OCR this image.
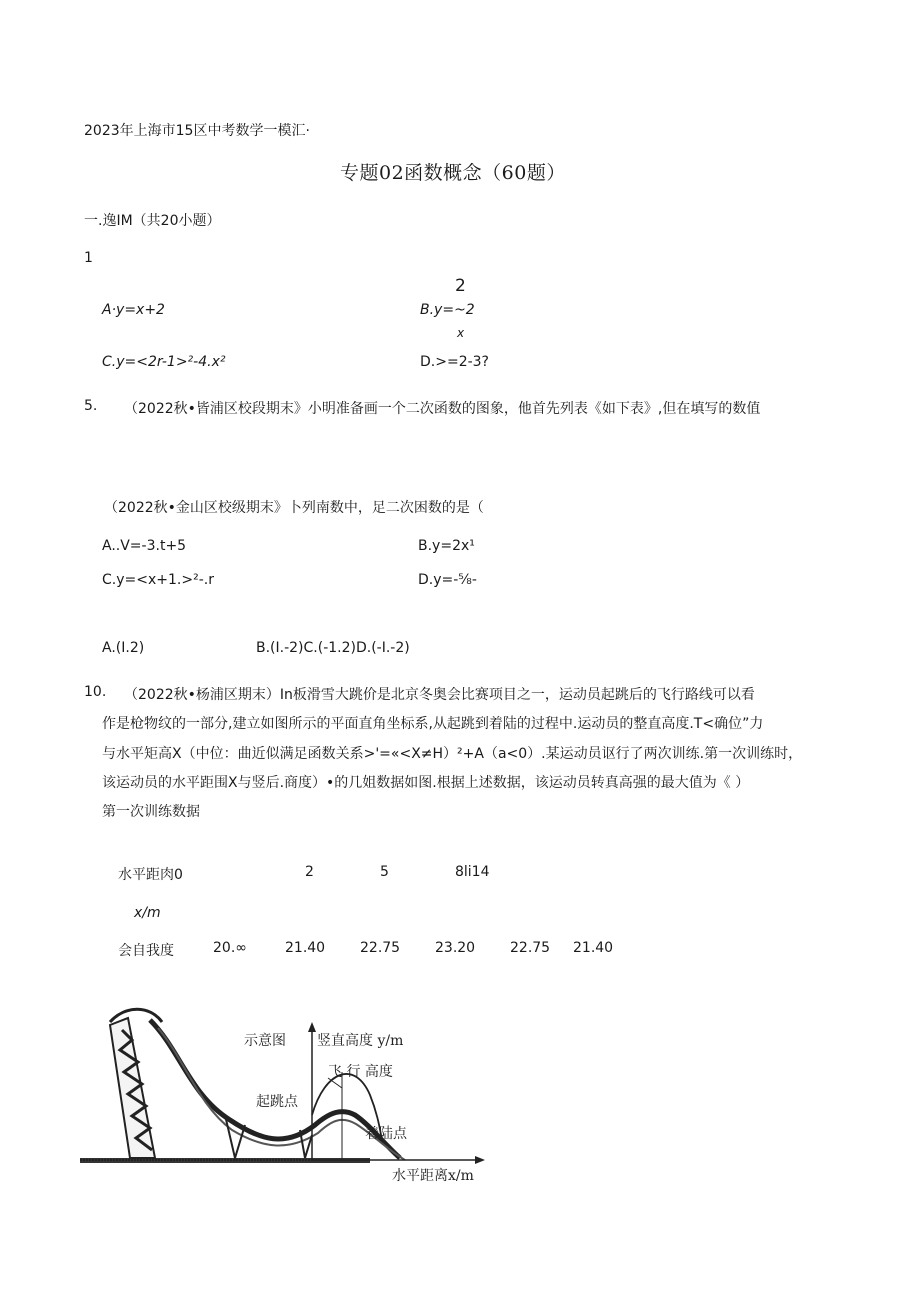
2023年上海市15区中考数学一模汇·
专题02函数概念（60题）
一.逸IM（共20小题）
1
2
A·y=x+2	B.y=~2
x
C.y=<2r-1>²-4.x²	D.>=2-3?
5. （2022秋•皆浦区校段期末》小明准备画一个二次函数的图象，他首先列表《如下表》,但在填写的数值
（2022秋•金山区校级期末》卜列南数中，足二次困数的是（
A..V=-3.t+5	B.y=2x¹
C.y=<x+1.>²-.r	D.y=-⅝-
A.(I.2)	B.(I.-2)C.(-1.2)D.(-I.-2)
10. （2022秋•杨浦区期末）In板滑雪大跳价是北京冬奥会比赛项目之一，运动员起跳后的飞行路线可以看
作是枪物纹的一部分,建立如图所示的平面直角坐标系,从起跳到着陆的过程中.运动员的整直高度.T<确位”力
与水平矩高X（中位：曲近似满足函数关系>'=«<X≠H）²+A（a<0）.某运动员讴行了两次训练.第一次训练时，
该运动员的水平距围X与竖后.商度）•的几姐数据如图.根据上述数据，该运动员转真高强的最大值为《 ）
第一次训练数据
水平距肉0	2	5	8li14
x/m
会自我度	20.∞	21.40 22.75 23.20 22.75 21.40
示意图 竖直高度 y/m
飞 行 高度
起跳点
着陆点
水平距离x/m
